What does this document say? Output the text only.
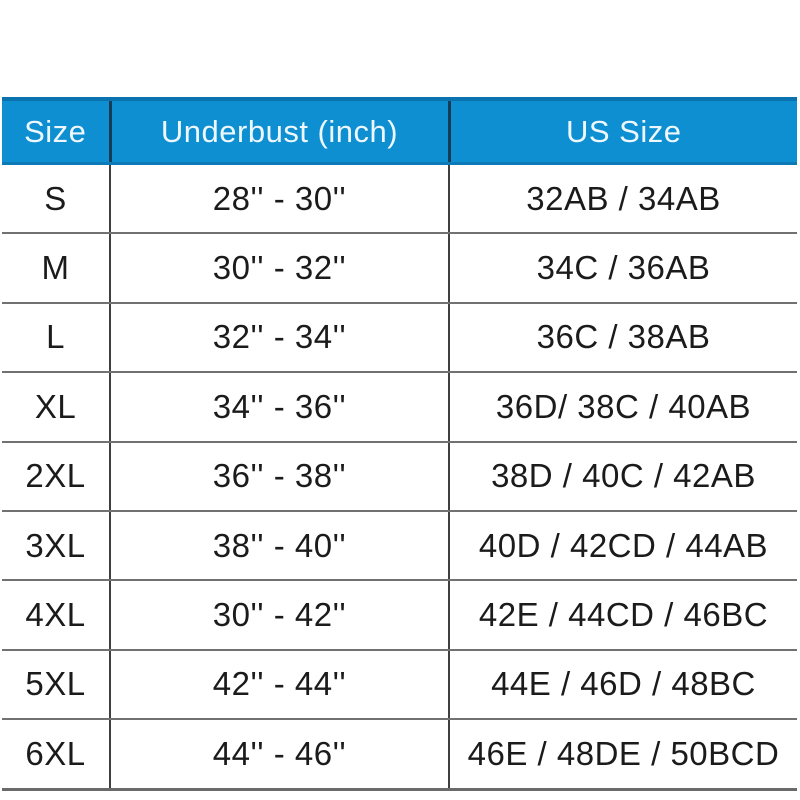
Size	Underbust (inch)	US Size
S	28'' - 30''	32AB / 34AB
M	30'' - 32''	34C / 36AB
L	32'' - 34''	36C / 38AB
XL	34'' - 36''	36D/ 38C / 40AB
2XL	36'' - 38''	38D / 40C / 42AB
3XL	38'' - 40''	40D / 42CD / 44AB
4XL	30'' - 42''	42E / 44CD / 46BC
5XL	42'' - 44''	44E / 46D / 48BC
6XL	44'' - 46''	46E / 48DE / 50BCD
